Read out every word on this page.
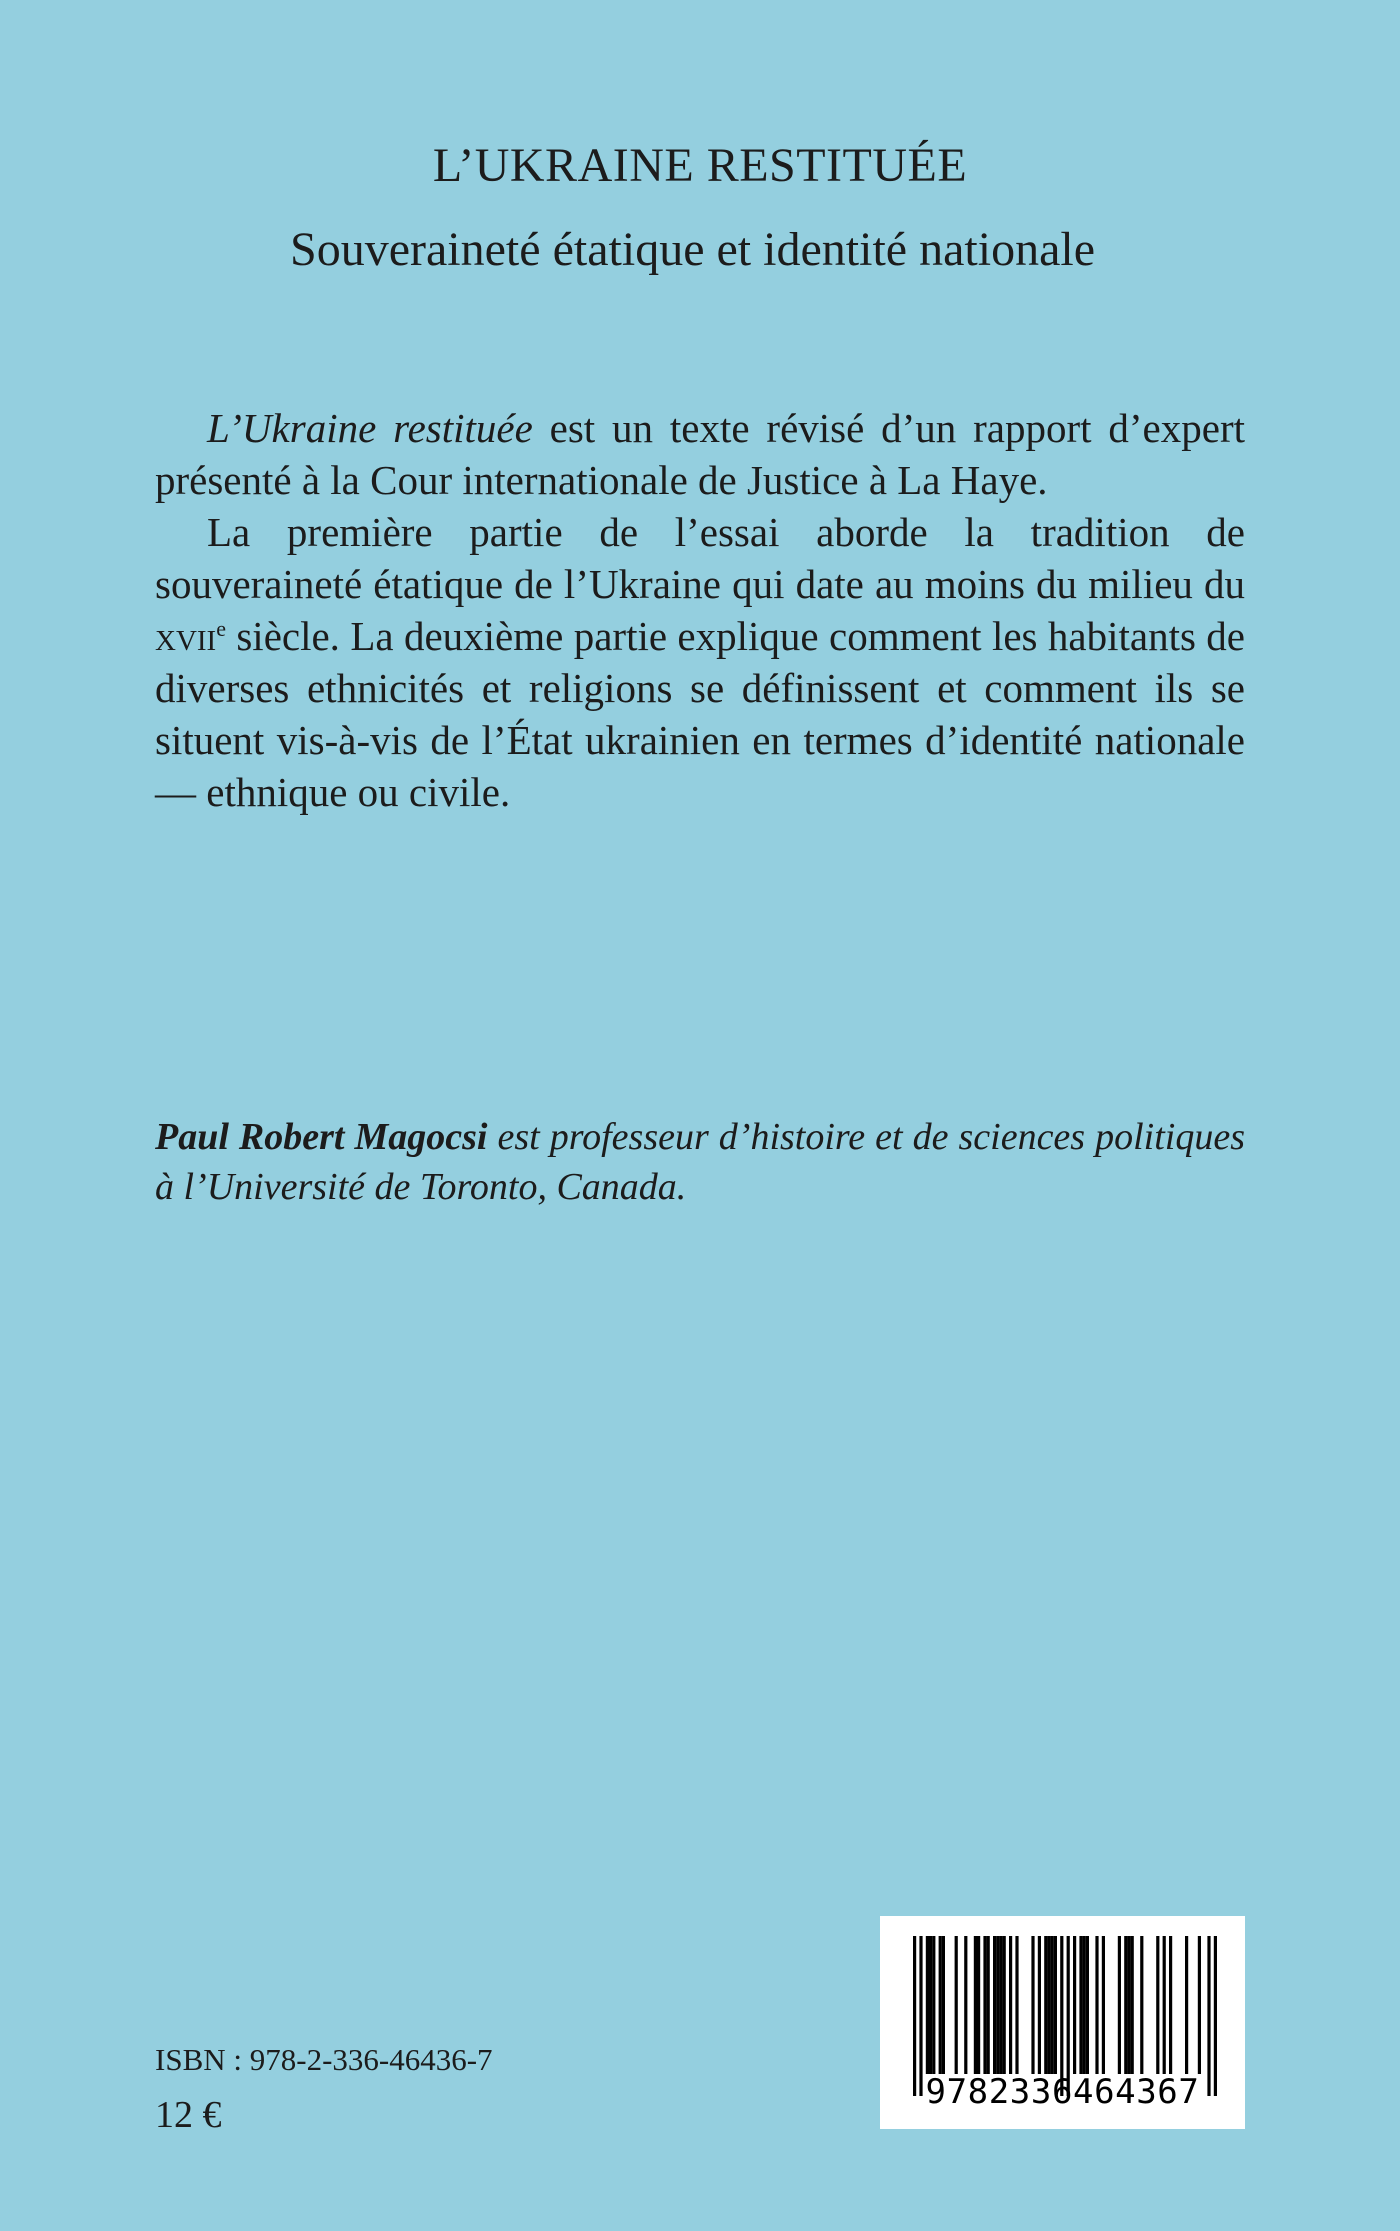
L’UKRAINE RESTITUÉE
Souveraineté étatique et identité nationale

L’Ukraine restituée est un texte révisé d’un rapport d’expert présenté à la Cour internationale de Justice à La Haye.

La première partie de l’essai aborde la tradition de souveraineté étatique de l’Ukraine qui date au moins du milieu du xvii$^e$ siècle. La deuxième partie explique comment les habitants de diverses ethnicités et religions se définissent et comment ils se situent vis-à-vis de l’État ukrainien en termes d’identité nationale — ethnique ou civile.

Paul Robert Magocsi est professeur d’histoire et de sciences politiques à l’Université de Toronto, Canada.

ISBN : 978-2-336-46436-7

12 €

9782336464367
